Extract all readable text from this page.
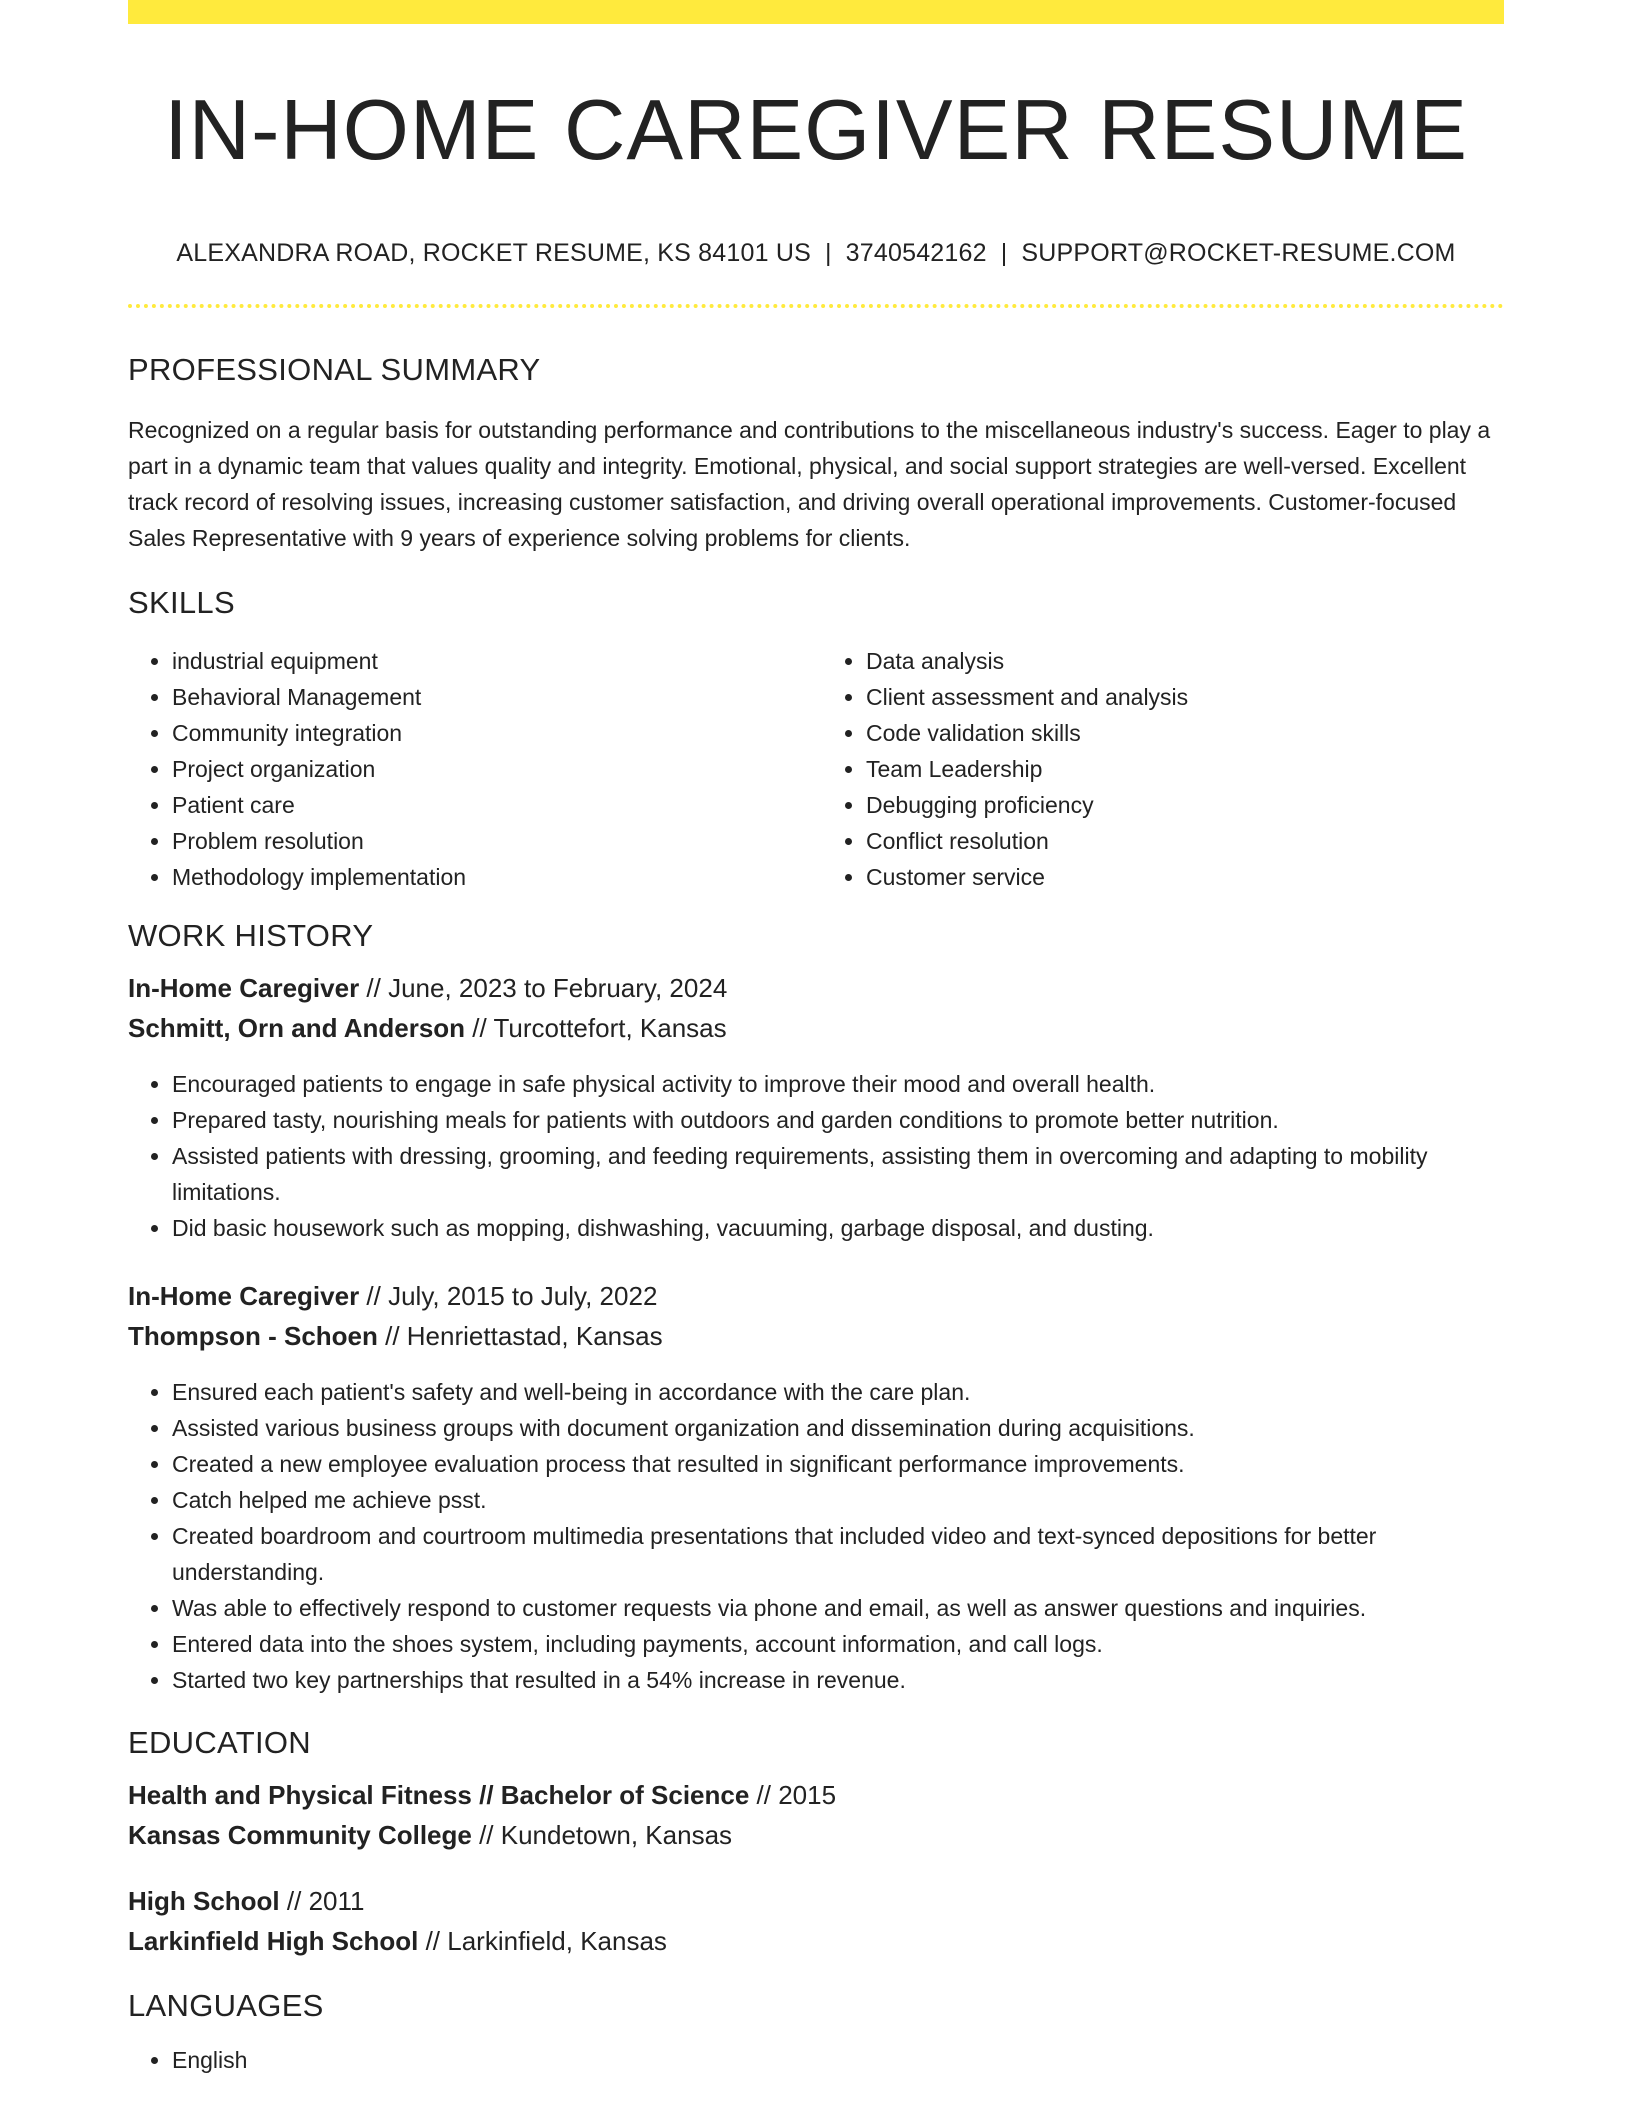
IN-HOME CAREGIVER RESUME
ALEXANDRA ROAD, ROCKET RESUME, KS 84101 US | 3740542162 | SUPPORT@ROCKET-RESUME.COM
PROFESSIONAL SUMMARY

Recognized on a regular basis for outstanding performance and contributions to the miscellaneous industry's success. Eager to play a part in a dynamic team that values quality and integrity. Emotional, physical, and social support strategies are well-versed. Excellent track record of resolving issues, increasing customer satisfaction, and driving overall operational improvements. Customer-focused Sales Representative with 9 years of experience solving problems for clients.

SKILLS
• industrial equipment
• Behavioral Management
• Community integration
• Project organization
• Patient care
• Problem resolution
• Methodology implementation
• Data analysis
• Client assessment and analysis
• Code validation skills
• Team Leadership
• Debugging proficiency
• Conflict resolution
• Customer service
WORK HISTORY

In-Home Caregiver // June, 2023 to February, 2024

Schmitt, Orn and Anderson // Turcottefort, Kansas

• Encouraged patients to engage in safe physical activity to improve their mood and overall health.
• Prepared tasty, nourishing meals for patients with outdoors and garden conditions to promote better nutrition.
• Assisted patients with dressing, grooming, and feeding requirements, assisting them in overcoming and adapting to mobility limitations.
• Did basic housework such as mopping, dishwashing, vacuuming, garbage disposal, and dusting.

In-Home Caregiver // July, 2015 to July, 2022

Thompson - Schoen // Henriettastad, Kansas

• Ensured each patient's safety and well-being in accordance with the care plan.
• Assisted various business groups with document organization and dissemination during acquisitions.
• Created a new employee evaluation process that resulted in significant performance improvements.
• Catch helped me achieve psst.
• Created boardroom and courtroom multimedia presentations that included video and text-synced depositions for better understanding.
• Was able to effectively respond to customer requests via phone and email, as well as answer questions and inquiries.
• Entered data into the shoes system, including payments, account information, and call logs.
• Started two key partnerships that resulted in a 54% increase in revenue.
EDUCATION

Health and Physical Fitness // Bachelor of Science // 2015

Kansas Community College // Kundetown, Kansas

High School // 2011

Larkinfield High School // Larkinfield, Kansas

LANGUAGES
• English
